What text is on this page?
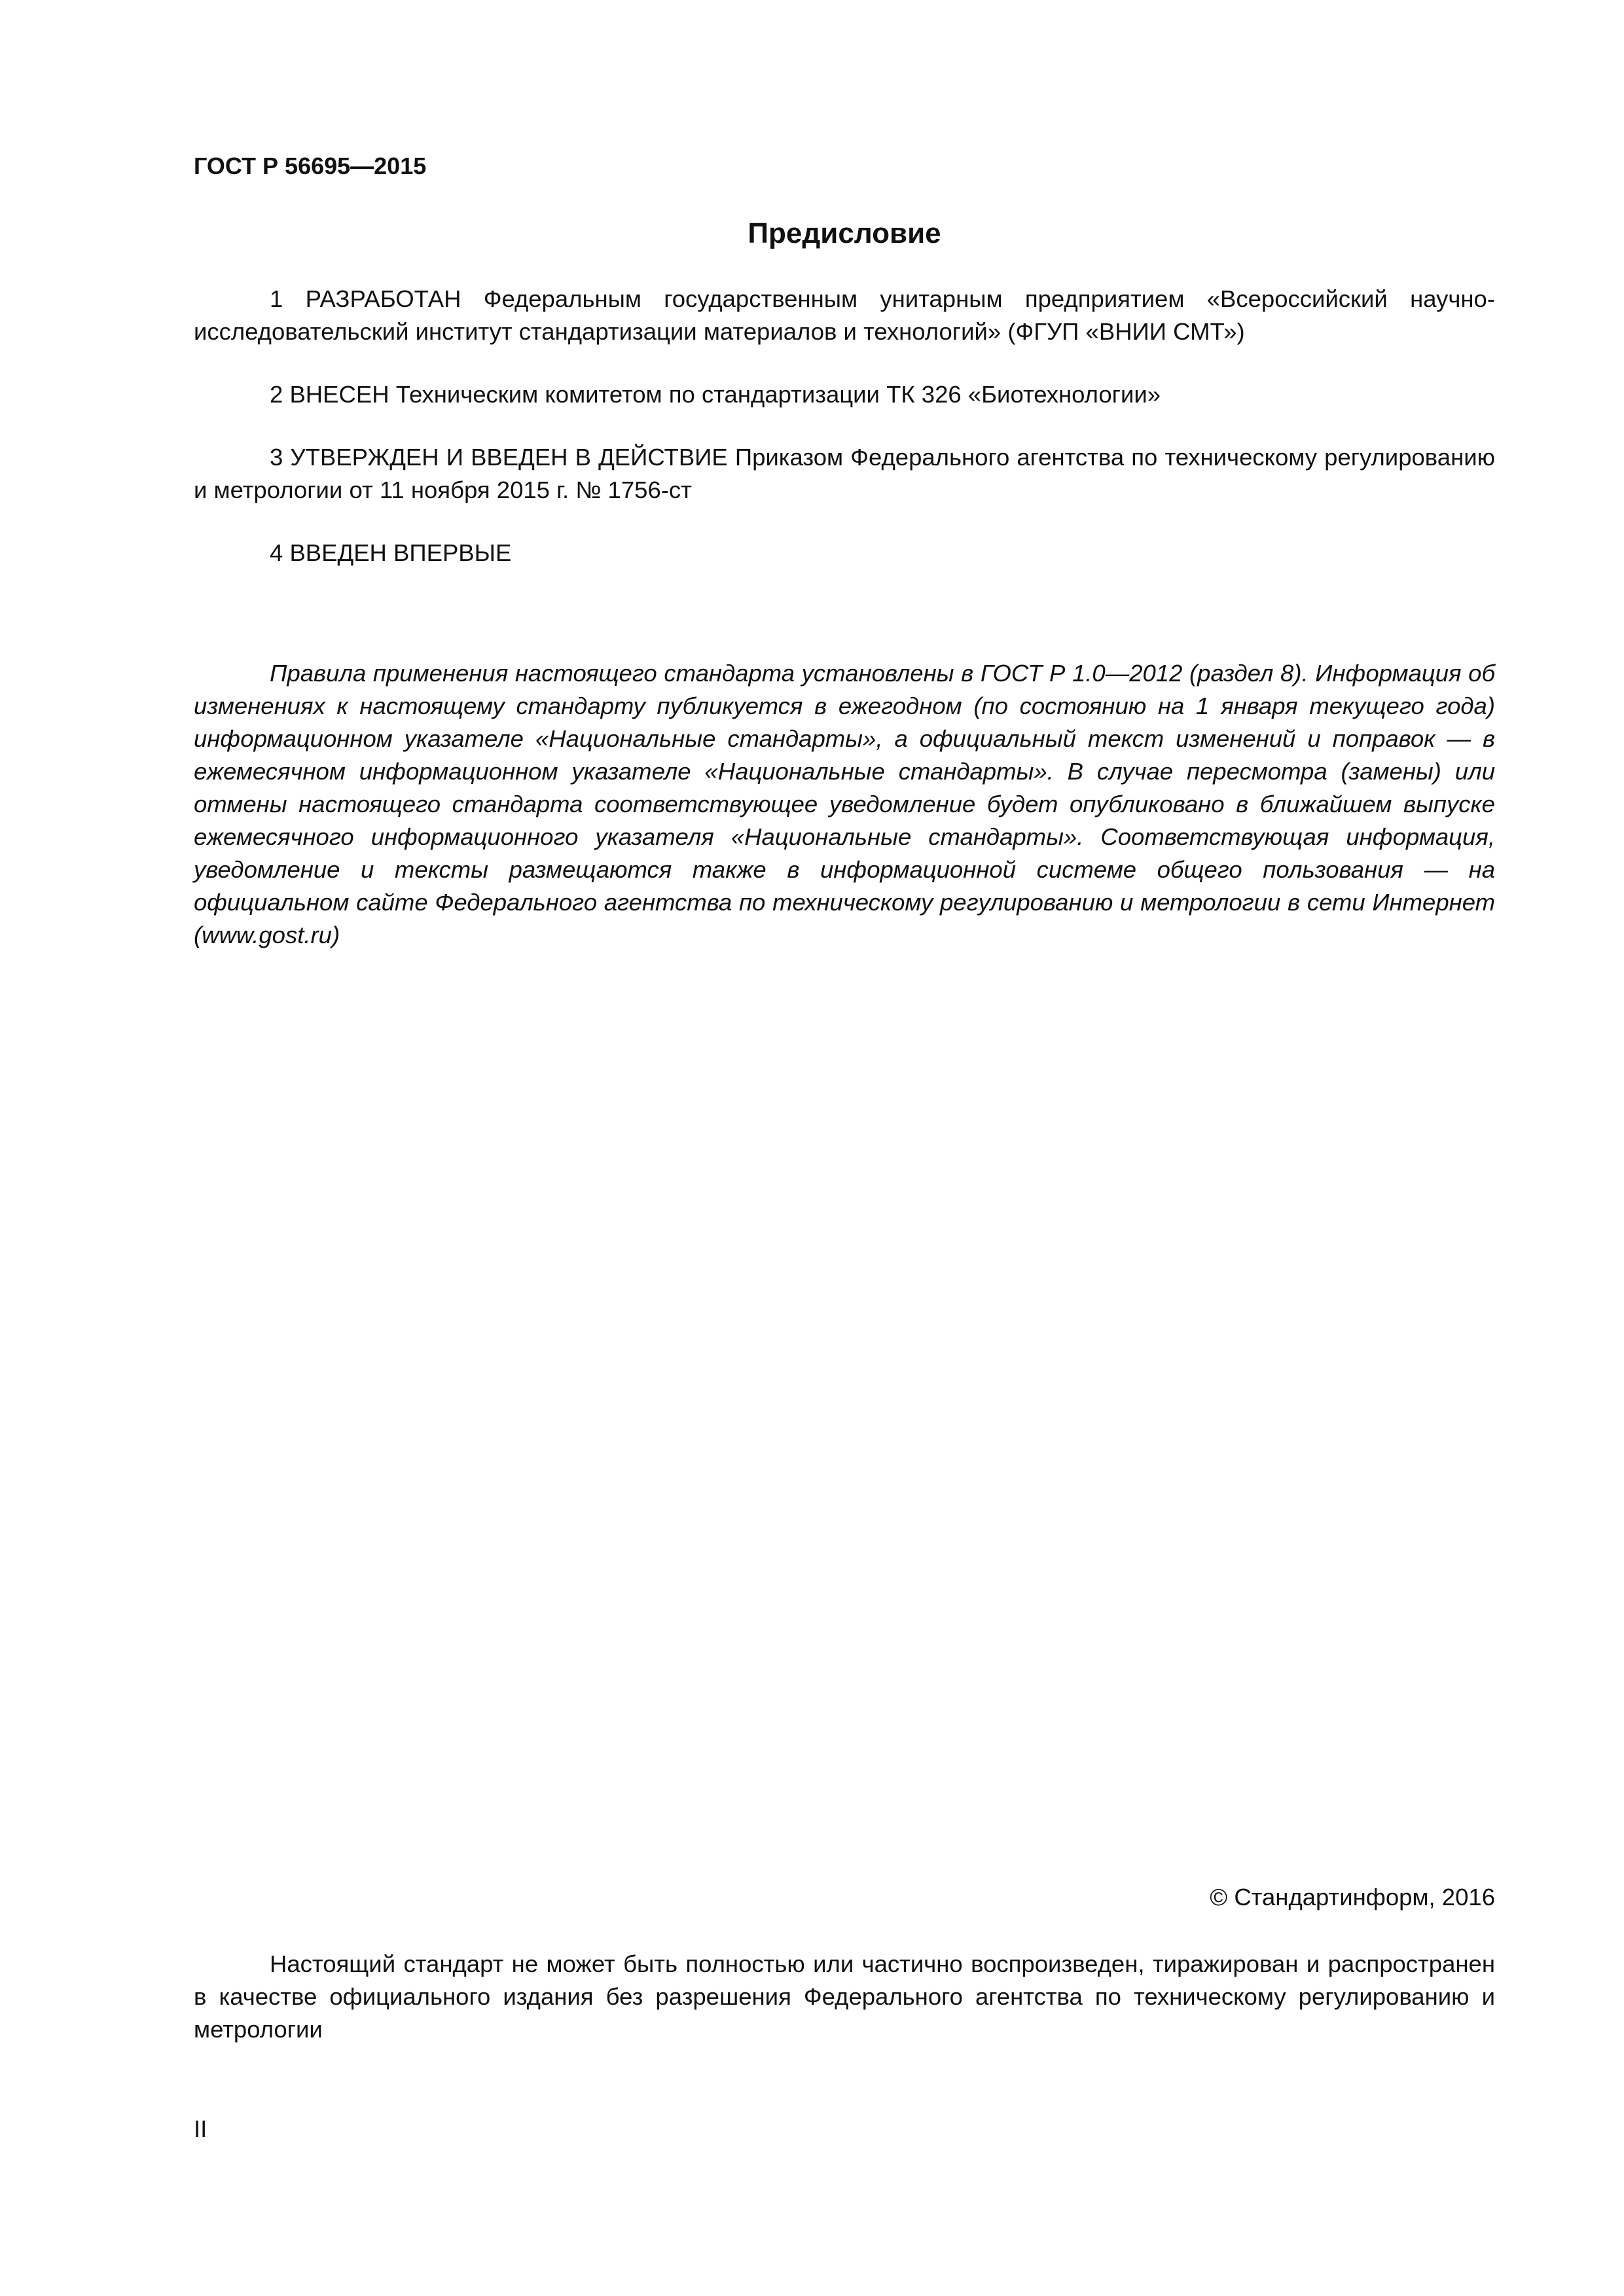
ГОСТ Р 56695—2015
Предисловие

1 РАЗРАБОТАН Федеральным государственным унитарным предприятием «Всероссийский научно-исследовательский институт стандартизации материалов и технологий» (ФГУП «ВНИИ СМТ»)

2 ВНЕСЕН Техническим комитетом по стандартизации ТК 326 «Биотехнологии»

3 УТВЕРЖДЕН И ВВЕДЕН В ДЕЙСТВИЕ Приказом Федерального агентства по техническому регулированию и метрологии от 11 ноября 2015 г. № 1756-ст

4 ВВЕДЕН ВПЕРВЫЕ

Правила применения настоящего стандарта установлены в ГОСТ Р 1.0—2012 (раздел 8). Информация об изменениях к настоящему стандарту публикуется в ежегодном (по состоянию на 1 января текущего года) информационном указателе «Национальные стандарты», а официальный текст изменений и поправок — в ежемесячном информационном указателе «Национальные стандарты». В случае пересмотра (замены) или отмены настоящего стандарта соответствующее уведомление будет опубликовано в ближайшем выпуске ежемесячного информационного указателя «Национальные стандарты». Соответствующая информация, уведомление и тексты размещаются также в информационной системе общего пользования — на официальном сайте Федерального агентства по техническому регулированию и метрологии в сети Интернет (www.gost.ru)

© Стандартинформ, 2016

Настоящий стандарт не может быть полностью или частично воспроизведен, тиражирован и распространен в качестве официального издания без разрешения Федерального агентства по техническому регулированию и метрологии

II
